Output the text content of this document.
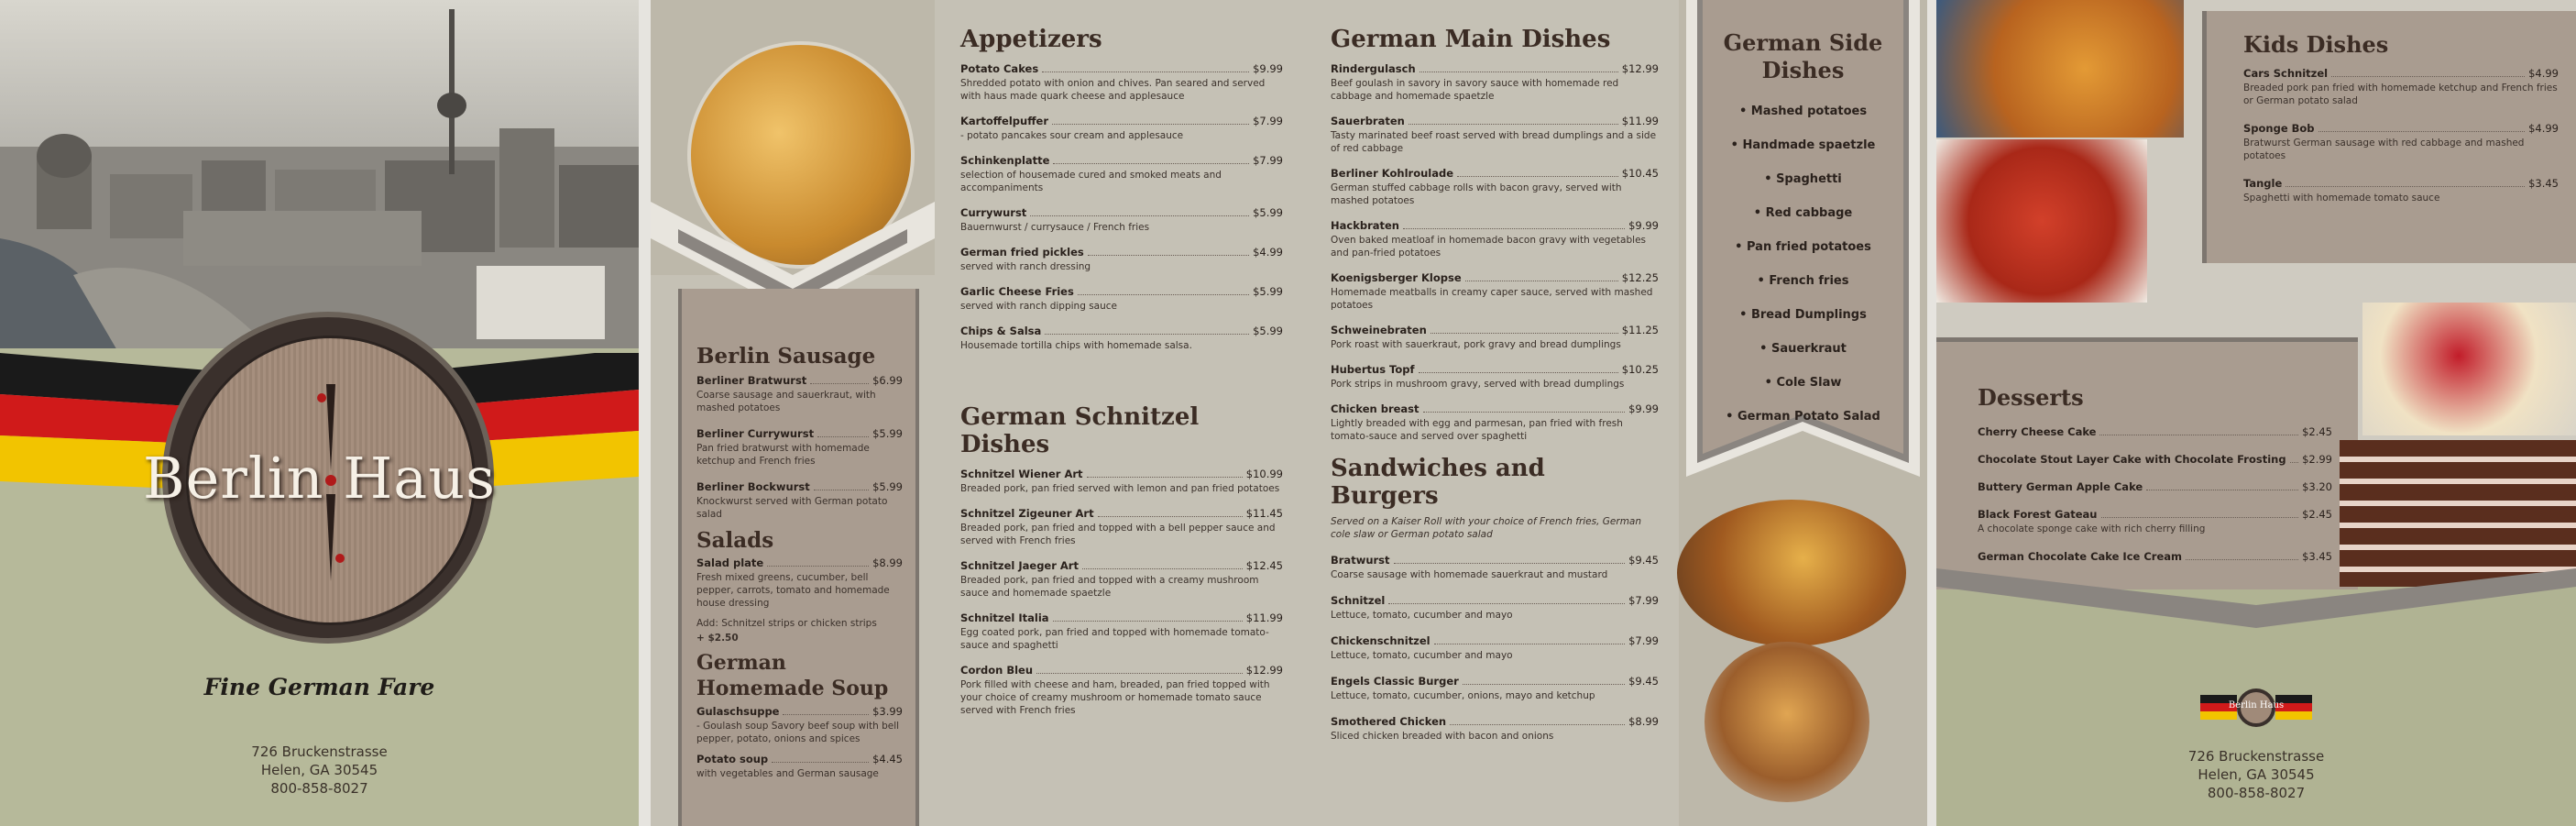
Berlin Haus
Fine German Fare
726 Bruckenstrasse
Helen, GA 30545
800-858-8027
Berlin Sausage
Berliner Bratwurst	$6.99
Coarse sausage and sauerkraut, with mashed potatoes
Berliner Currywurst	$5.99
Pan fried bratwurst with homemade ketchup and French fries
Berliner Bockwurst	$5.99
Knockwurst served with German potato salad
Salads
Salad plate	$8.99
Fresh mixed greens, cucumber, bell pepper, carrots, tomato and homemade house dressing
Add: Schnitzel strips or chicken strips
+ $2.50
German Homemade Soup
Gulaschsuppe	$3.99
- Goulash soup Savory beef soup with bell pepper, potato, onions and spices
Potato soup	$4.45
with vegetables and German sausage
Appetizers
Potato Cakes	$9.99
Shredded potato with onion and chives. Pan seared and served with haus made quark cheese and applesauce
Kartoffelpuffer	$7.99
- potato pancakes sour cream and applesauce
Schinkenplatte	$7.99
selection of housemade cured and smoked meats and accompaniments
Currywurst	$5.99
Bauernwurst / currysauce / French fries
German fried pickles	$4.99
served with ranch dressing
Garlic Cheese Fries	$5.99
served with ranch dipping sauce
Chips & Salsa	$5.99
Housemade tortilla chips with homemade salsa.
German Schnitzel Dishes
Schnitzel Wiener Art	$10.99
Breaded pork, pan fried served with lemon and pan fried potatoes
Schnitzel Zigeuner Art	$11.45
Breaded pork, pan fried and topped with a bell pepper sauce and served with French fries
Schnitzel Jaeger Art	$12.45
Breaded pork, pan fried and topped with a creamy mushroom sauce and homemade spaetzle
Schnitzel Italia	$11.99
Egg coated pork, pan fried and topped with homemade tomato-sauce and spaghetti
Cordon Bleu	$12.99
Pork filled with cheese and ham, breaded, pan fried topped with your choice of creamy mushroom or homemade tomato sauce served with French fries
German Main Dishes
Rindergulasch	$12.99
Beef goulash in savory in savory sauce with homemade red cabbage and homemade spaetzle
Sauerbraten	$11.99
Tasty marinated beef roast served with bread dumplings and a side of red cabbage
Berliner Kohlroulade	$10.45
German stuffed cabbage rolls with bacon gravy, served with mashed potatoes
Hackbraten	$9.99
Oven baked meatloaf in homemade bacon gravy with vegetables and pan-fried potatoes
Koenigsberger Klopse	$12.25
Homemade meatballs in creamy caper sauce, served with mashed potatoes
Schweinebraten	$11.25
Pork roast with sauerkraut, pork gravy and bread dumplings
Hubertus Topf	$10.25
Pork strips in mushroom gravy, served with bread dumplings
Chicken breast	$9.99
Lightly breaded with egg and parmesan, pan fried with fresh tomato-sauce and served over spaghetti
Sandwiches and Burgers
Served on a Kaiser Roll with your choice of French fries, German cole slaw or German potato salad
Bratwurst	$9.45
Coarse sausage with homemade sauerkraut and mustard
Schnitzel	$7.99
Lettuce, tomato, cucumber and mayo
Chickenschnitzel	$7.99
Lettuce, tomato, cucumber and mayo
Engels Classic Burger	$9.45
Lettuce, tomato, cucumber, onions, mayo and ketchup
Smothered Chicken	$8.99
Sliced chicken breaded with bacon and onions
German Side Dishes
• Mashed potatoes
• Handmade spaetzle
• Spaghetti
• Red cabbage
• Pan fried potatoes
• French fries
• Bread Dumplings
• Sauerkraut
• Cole Slaw
• German Potato Salad
Kids Dishes
Cars Schnitzel	$4.99
Breaded pork pan fried with homemade ketchup and French fries or German potato salad
Sponge Bob	$4.99
Bratwurst German sausage with red cabbage and mashed potatoes
Tangle	$3.45
Spaghetti with homemade tomato sauce
Desserts
Cherry Cheese Cake	$2.45
Chocolate Stout Layer Cake with Chocolate Frosting $2.99
Buttery German Apple Cake	$3.20
Black Forest Gateau	$2.45
A chocolate sponge cake with rich cherry filling
German Chocolate Cake Ice Cream	$3.45
Berlin Haus
726 Bruckenstrasse
Helen, GA 30545
800-858-8027
